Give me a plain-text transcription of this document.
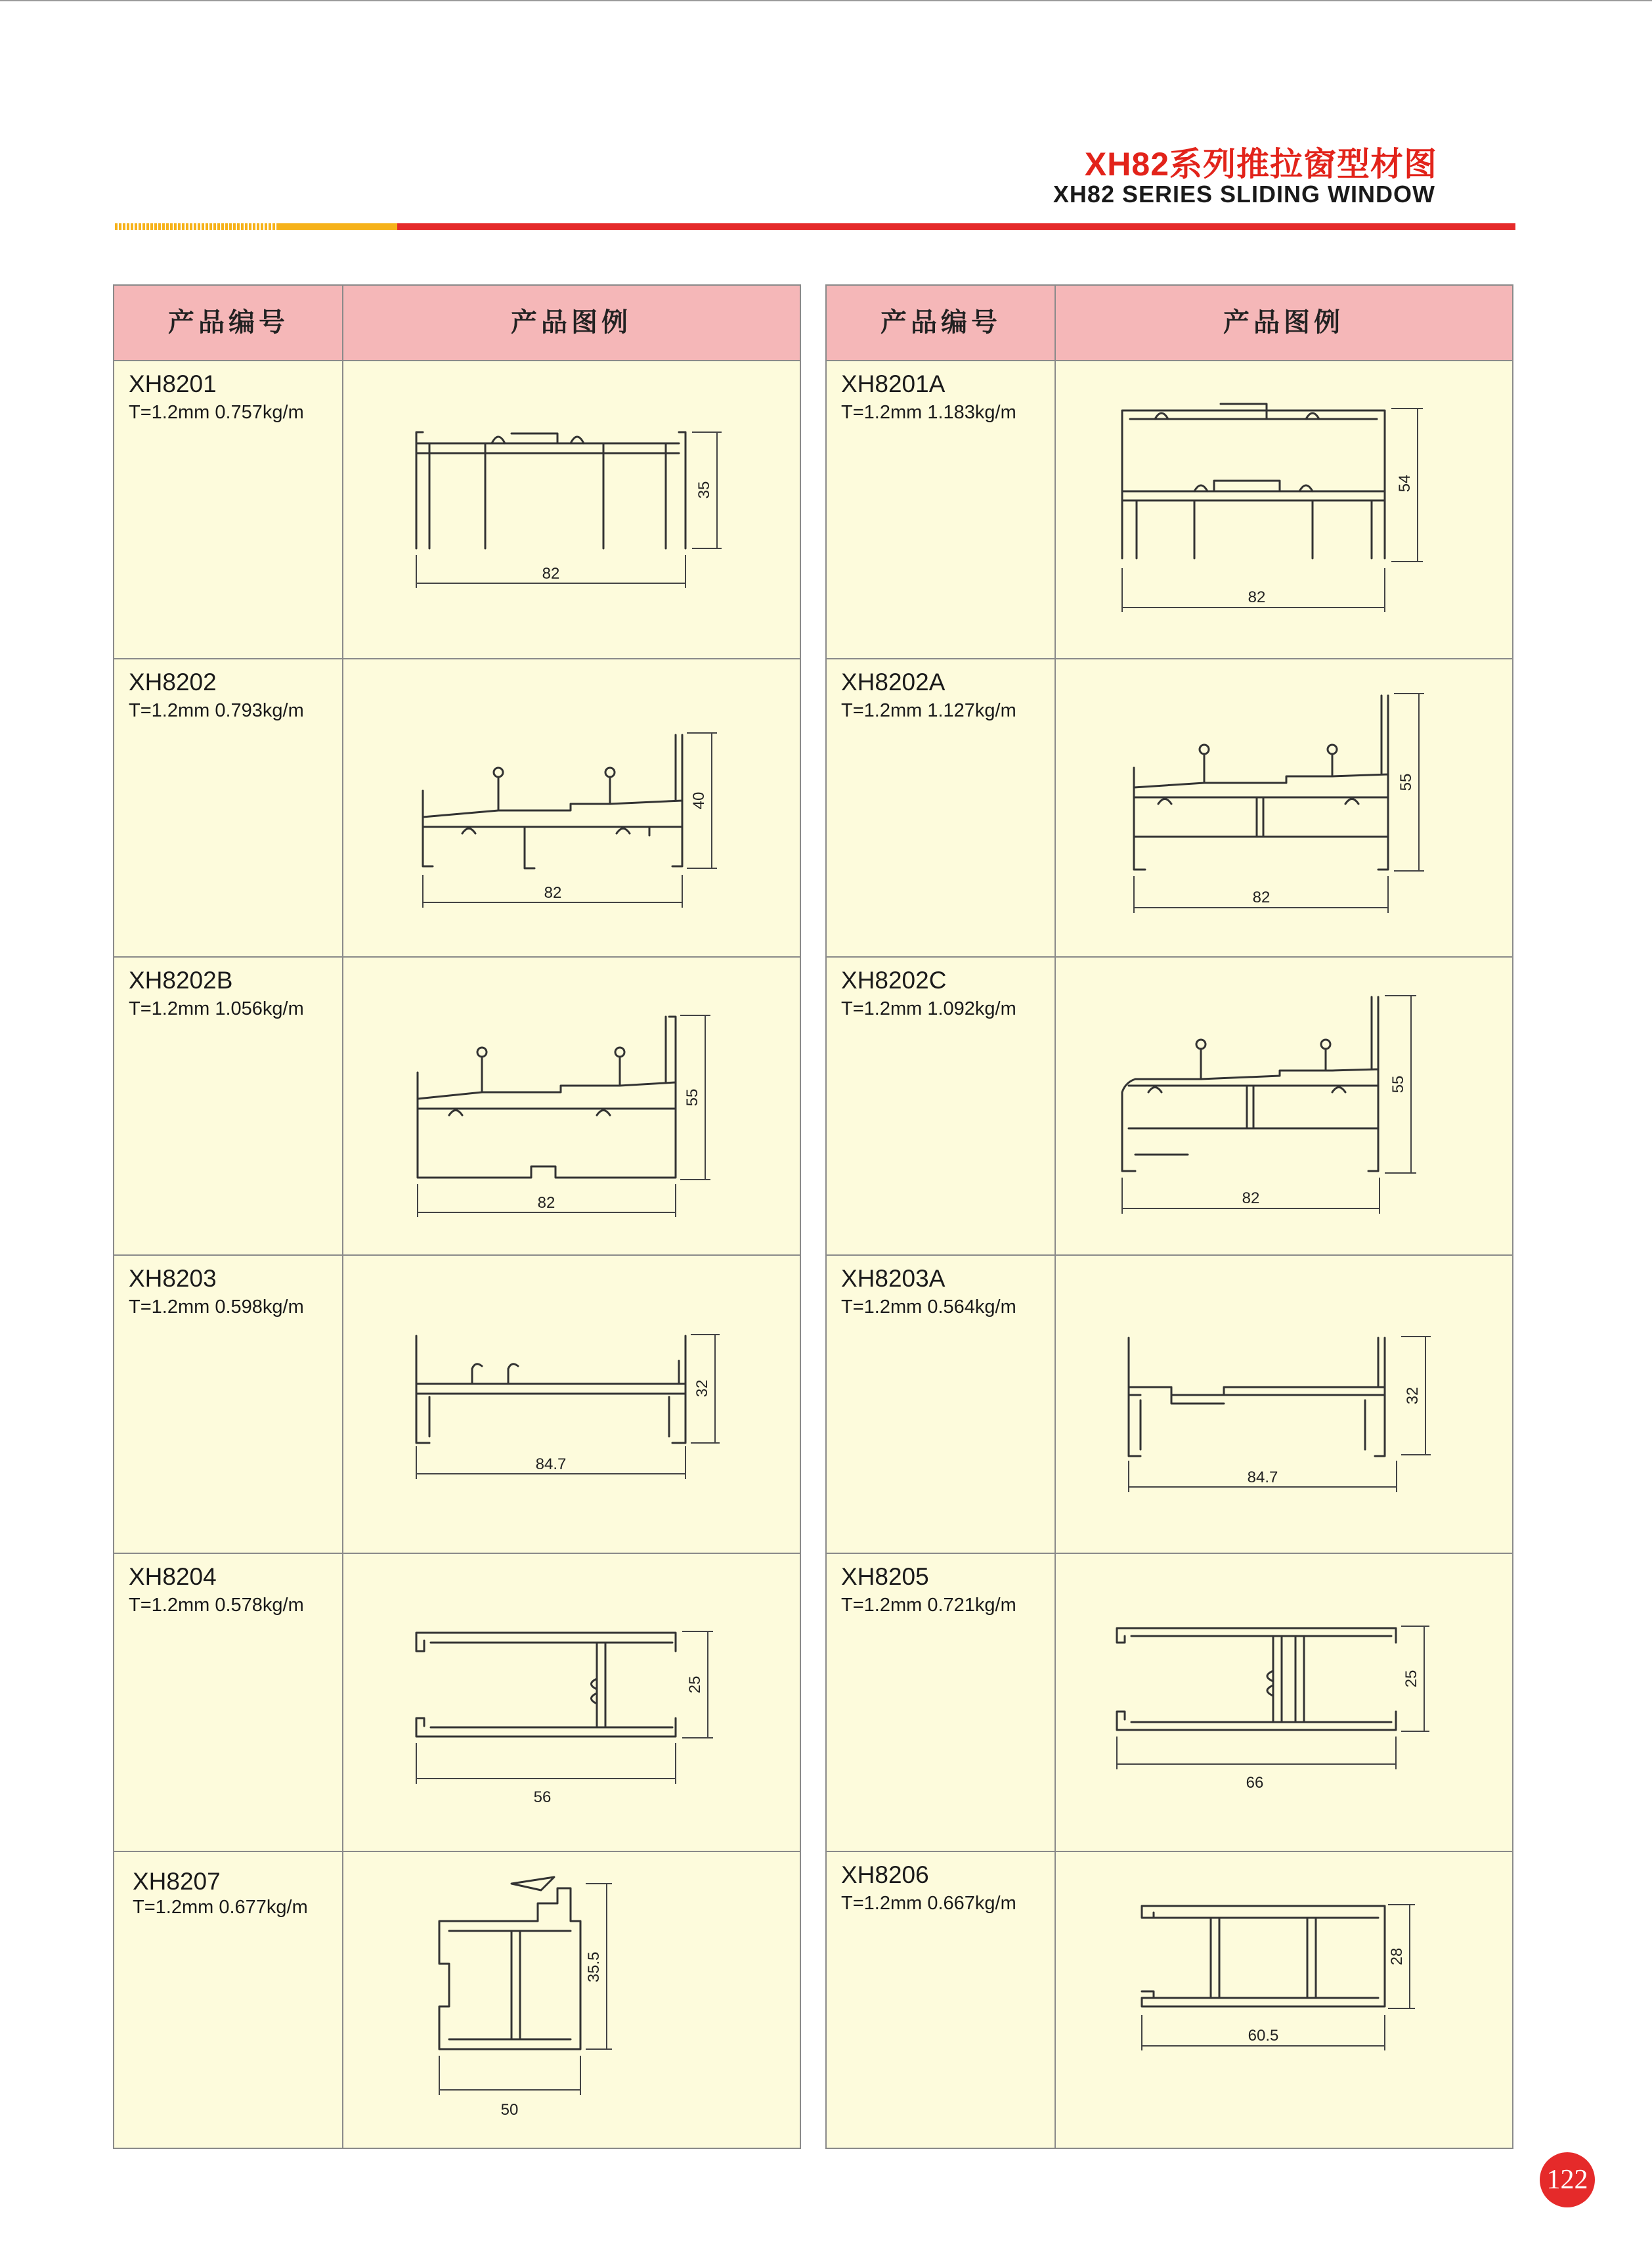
XH82系列推拉窗型材图
XH82 SERIES SLIDING WINDOW
产品编号	产品图例
XH8201
T=1.2mm 0.757kg/m
82
35
XH8202
T=1.2mm 0.793kg/m
82
40
XH8202B
T=1.2mm 1.056kg/m
82
55
XH8203
T=1.2mm 0.598kg/m
84.7
32
XH8204
T=1.2mm 0.578kg/m
56
25
XH8207
T=1.2mm 0.677kg/m
50
35.5
产品编号	产品图例
XH8201A
T=1.2mm 1.183kg/m
82
54
XH8202A
T=1.2mm 1.127kg/m
82
55
XH8202C
T=1.2mm 1.092kg/m
82
55
XH8203A
T=1.2mm 0.564kg/m
84.7
32
XH8205
T=1.2mm 0.721kg/m
66
25
XH8206
T=1.2mm 0.667kg/m
60.5
28
122
